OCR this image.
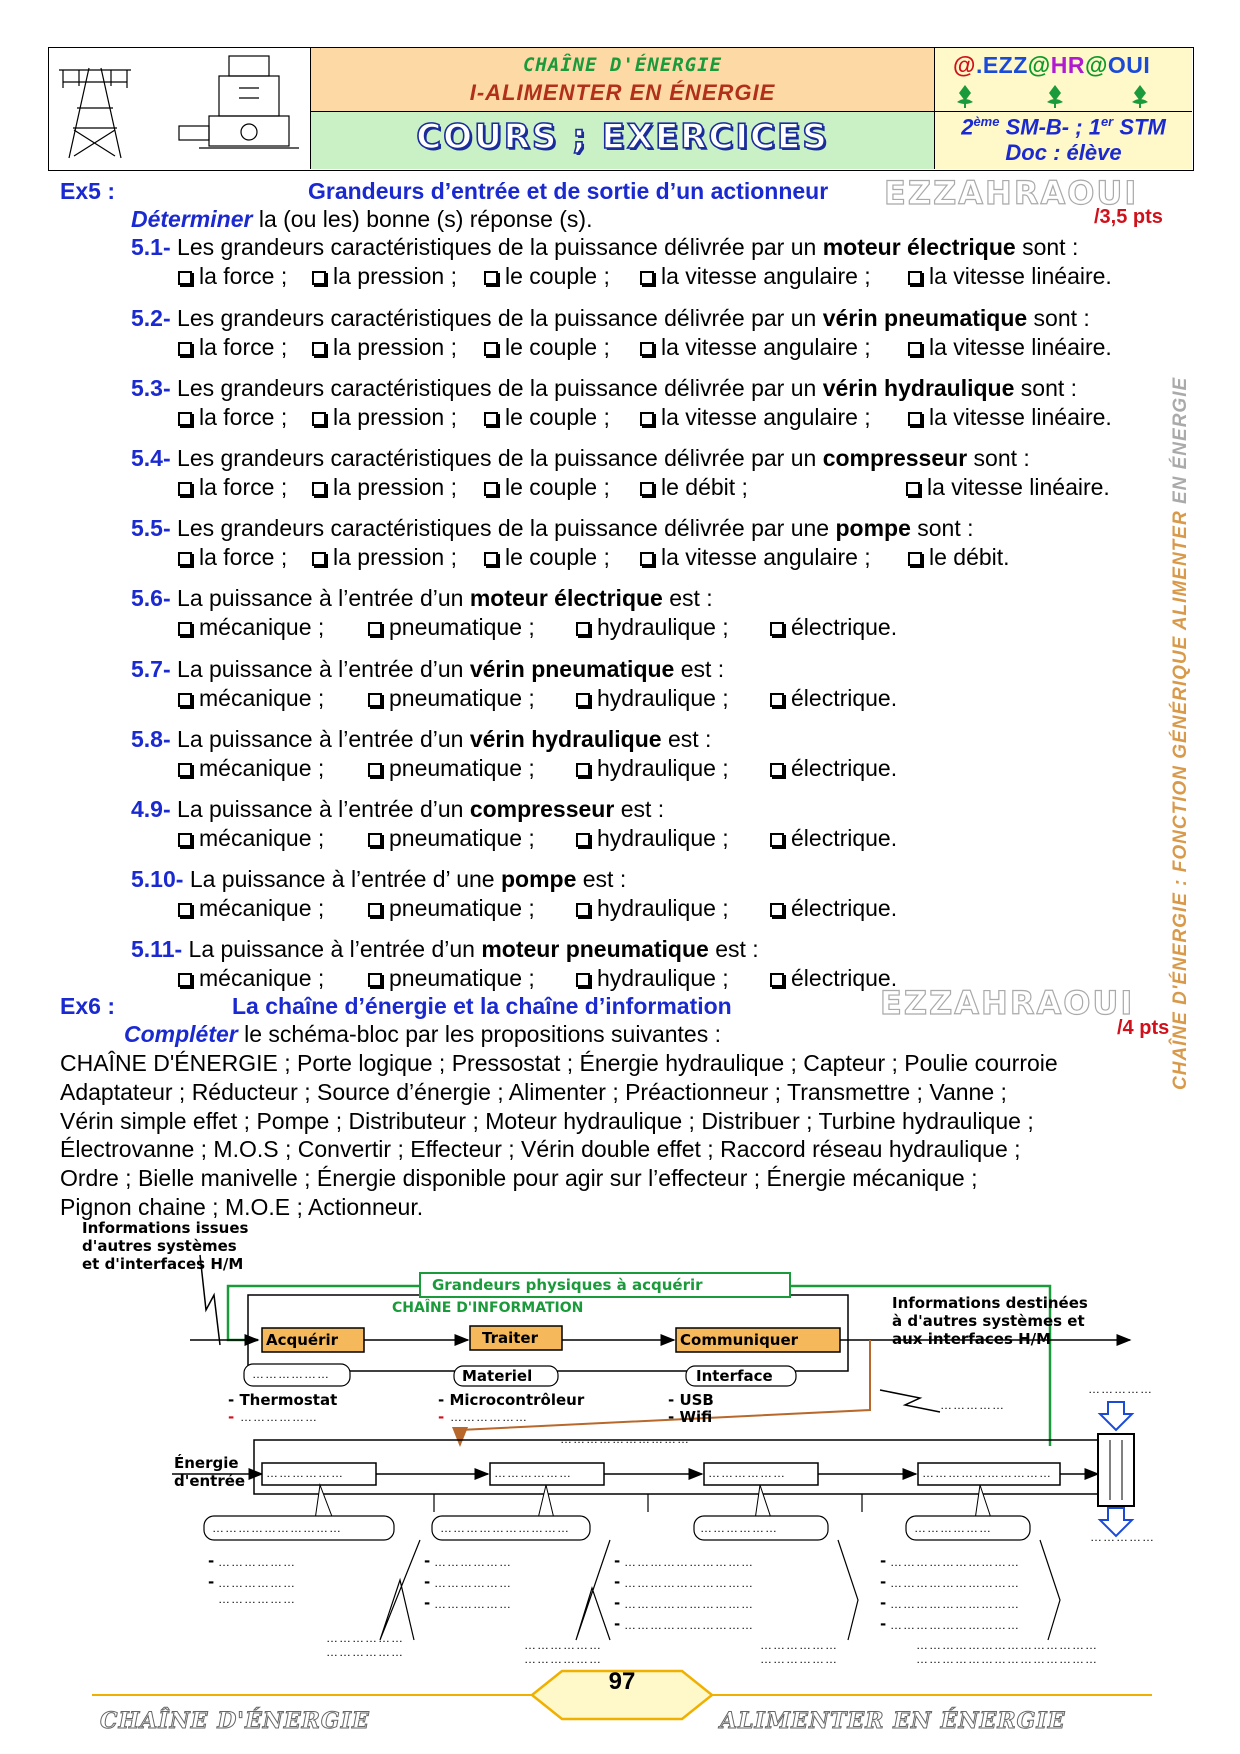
CHAÎNE D'ÉNERGIE
I-ALIMENTER EN ÉNERGIE
COURS ; EXERCICES
@.EZZ@HR@OUI
2ème SM-B- ; 1er STM
Doc : élève
CHAÎNE D'ÉNERGIE : FONCTION GÉNÉRIQUE ALIMENTER EN ÉNERGIE
Ex5 :	Grandeurs d’entrée et de sortie d’un actionneur EZZAHRAOUI
/3,5 pts
Déterminer la (ou les) bonne (s) réponse (s).
5.1- Les grandeurs caractéristiques de la puissance délivrée par un moteur électrique sont :
la force ;	la pression ;	le couple ;	la vitesse angulaire ;	la vitesse linéaire.
5.2- Les grandeurs caractéristiques de la puissance délivrée par un vérin pneumatique sont :
la force ;	la pression ;	le couple ;	la vitesse angulaire ;	la vitesse linéaire.
5.3- Les grandeurs caractéristiques de la puissance délivrée par un vérin hydraulique sont :
la force ;	la pression ;	le couple ;	la vitesse angulaire ;	la vitesse linéaire.
5.4- Les grandeurs caractéristiques de la puissance délivrée par un compresseur sont :
la force ;	la pression ;	le couple ;	le débit ;	la vitesse linéaire.
5.5- Les grandeurs caractéristiques de la puissance délivrée par une pompe sont :
la force ;	la pression ;	le couple ;	la vitesse angulaire ;	le débit.
5.6- La puissance à l’entrée d’un moteur électrique est :
mécanique ;	pneumatique ;	hydraulique ;	électrique.
5.7- La puissance à l’entrée d’un vérin pneumatique est :
mécanique ;	pneumatique ;	hydraulique ;	électrique.
5.8- La puissance à l’entrée d’un vérin hydraulique est :
mécanique ;	pneumatique ;	hydraulique ;	électrique.
4.9- La puissance à l’entrée d’un compresseur est :
mécanique ;	pneumatique ;	hydraulique ;	électrique.
5.10- La puissance à l’entrée d’ une pompe est :
mécanique ;	pneumatique ;	hydraulique ;	électrique.
5.11- La puissance à l’entrée d’un moteur pneumatique est :
mécanique ;	pneumatique ;	hydraulique ;	électrique.
Ex6 :	La chaîne d’énergie et la chaîne d’information	EZZAHRAOUI
/4 pts
Compléter le schéma-bloc par les propositions suivantes :
CHAÎNE D'ÉNERGIE ; Porte logique ; Pressostat ; Énergie hydraulique ; Capteur ; Poulie courroie
Adaptateur ; Réducteur ; Source d’énergie ; Alimenter ; Préactionneur ; Transmettre ; Vanne ;
Vérin simple effet ; Pompe ; Distributeur ; Moteur hydraulique ; Distribuer ; Turbine hydraulique ;
Électrovanne ; M.O.S ; Convertir ; Effecteur ; Vérin double effet ; Raccord réseau hydraulique ;
Ordre ; Bielle manivelle ; Énergie disponible pour agir sur l’effecteur ; Énergie mécanique ;
Pignon chaine ; M.O.E ; Actionneur.
Informations issues
d'autres systèmes
et d'interfaces H/M
Grandeurs physiques à acquérir
CHAÎNE D'INFORMATION
Acquérir	Traiter	Communiquer
Informations destinées
à d'autres systèmes et
aux interfaces H/M
………………	Materiel	Interface
- Thermostat
- ………………
- Microcontrôleur
- ………………
- USB
- Wifi
……………
……………
…………………………
Énergie
d'entrée ………………	………………	………………	…………………………
…………………………	…………………………	………………	………………
……………
- ………………
- ………………
………………
- ………………
- ………………
- ………………
- …………………………
- …………………………
- …………………………
- …………………………
- …………………………
- …………………………
- …………………………
- …………………………
………………
………………	………………
………………
………………
………………
……………………………………
……………………………………
97
CHAÎNE D'ÉNERGIE	ALIMENTER EN ÉNERGIE
